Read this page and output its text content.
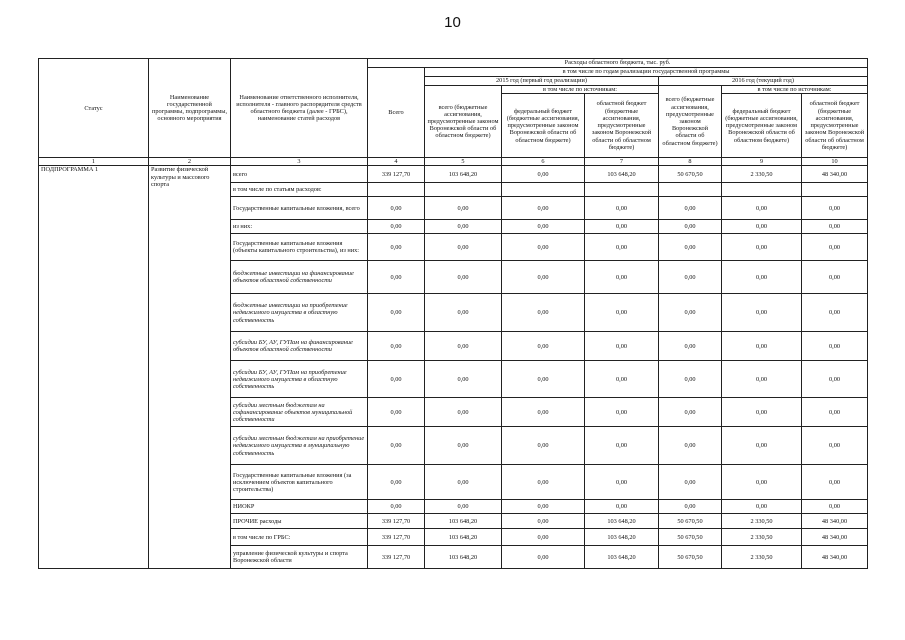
10
Статус	Наименование государственной программы, подпрограммы, основного мероприятия	Наименование ответственного исполнителя, исполнителя - главного распорядителя средств областного бюджета (далее - ГРБС), наименование статей расходов	Расходы областного бюджета, тыс. руб.						
			Всего	в том числе по годам реализации государственной программы					
				2015 год (первый год реализации)			2016 год (текущий год)		
				всего (бюджетные ассигнования, предусмотренные законом Воронежской области об областном бюджете)	в том числе по источникам:		всего (бюджетные ассигнования, предусмотренные законом Воронежской области об областном бюджете)	в том числе по источникам:	
					федеральный бюджет (бюджетные ассигнования, предусмотренные законом Воронежской области об областном бюджете)	областной бюджет (бюджетные ассигнования, предусмотренные законом Воронежской области об областном бюджете)		федеральный бюджет (бюджетные ассигнования, предусмотренные законом Воронежской области об областном бюджете)	областной бюджет (бюджетные ассигнования, предусмотренные законом Воронежской области об областном бюджете)
1	2	3	4	5	6	7	8	9	10
ПОДПРОГРАММА 1	Развитие физической культуры и массового спорта	всего	339 127,70	103 648,20	0,00	103 648,20	50 670,50	2 330,50	48 340,00
		в том числе по статьям расходов:							
		Государственные капитальные вложения, всего	0,00	0,00	0,00	0,00	0,00	0,00	0,00
		из них:	0,00	0,00	0,00	0,00	0,00	0,00	0,00
		Государственные капитальные вложения (объекты капитального строительства), из них:	0,00	0,00	0,00	0,00	0,00	0,00	0,00
		бюджетные инвестиции на финансирование объектов областной собственности	0,00	0,00	0,00	0,00	0,00	0,00	0,00
		бюджетные инвестиции на приобретение недвижимого имущества в областную собственность	0,00	0,00	0,00	0,00	0,00	0,00	0,00
		субсидии БУ, АУ, ГУПам на финансирование объектов областной собственности	0,00	0,00	0,00	0,00	0,00	0,00	0,00
		субсидии БУ, АУ, ГУПам на приобретение недвижимого имущества в областную собственность	0,00	0,00	0,00	0,00	0,00	0,00	0,00
		субсидии местным бюджетам на софинансирование объектов муниципальной собственности	0,00	0,00	0,00	0,00	0,00	0,00	0,00
		субсидии местным бюджетам на приобретение недвижимого имущества в муниципальную собственность	0,00	0,00	0,00	0,00	0,00	0,00	0,00
		Государственные капитальные вложения (за исключением объектов капитального строительства)	0,00	0,00	0,00	0,00	0,00	0,00	0,00
		НИОКР	0,00	0,00	0,00	0,00	0,00	0,00	0,00
		ПРОЧИЕ расходы	339 127,70	103 648,20	0,00	103 648,20	50 670,50	2 330,50	48 340,00
		в том числе по ГРБС:	339 127,70	103 648,20	0,00	103 648,20	50 670,50	2 330,50	48 340,00
		управление физической культуры и спорта Воронежской области	339 127,70	103 648,20	0,00	103 648,20	50 670,50	2 330,50	48 340,00
